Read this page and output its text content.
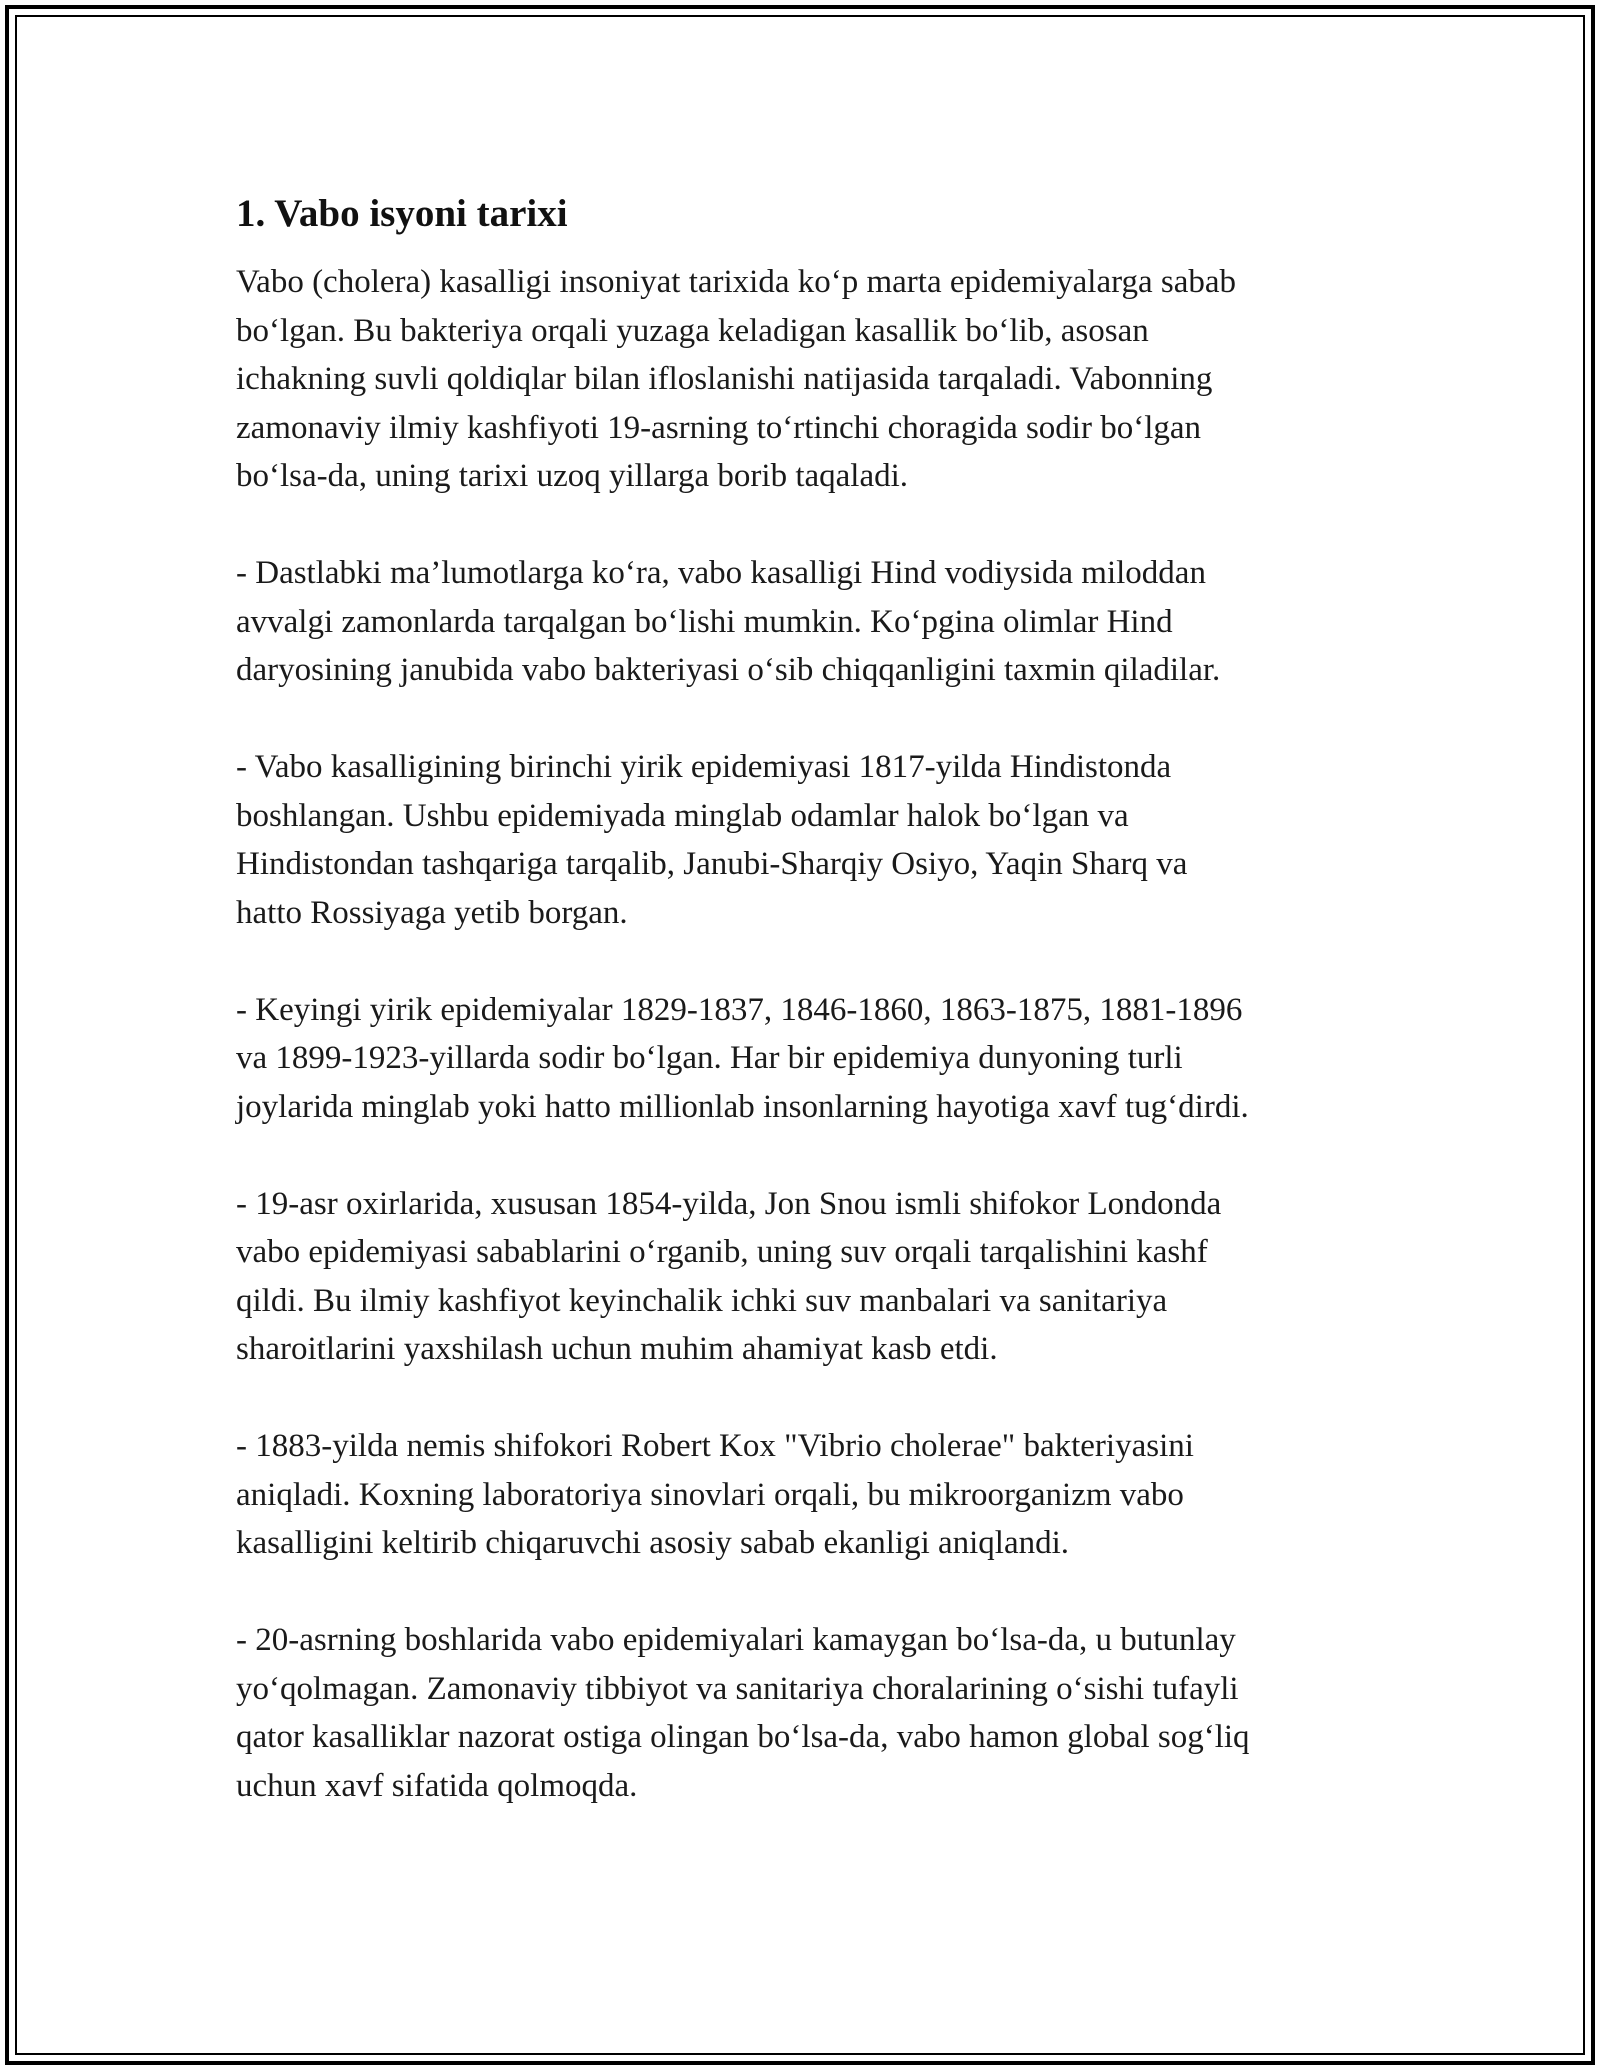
1. Vabo isyoni tarixi

Vabo (cholera) kasalligi insoniyat tarixida ko‘p marta epidemiyalarga sabab
bo‘lgan. Bu bakteriya orqali yuzaga keladigan kasallik bo‘lib, asosan
ichakning suvli qoldiqlar bilan ifloslanishi natijasida tarqaladi. Vabonning
zamonaviy ilmiy kashfiyoti 19-asrning to‘rtinchi choragida sodir bo‘lgan
bo‘lsa-da, uning tarixi uzoq yillarga borib taqaladi.

- Dastlabki ma’lumotlarga ko‘ra, vabo kasalligi Hind vodiysida miloddan
avvalgi zamonlarda tarqalgan bo‘lishi mumkin. Ko‘pgina olimlar Hind
daryosining janubida vabo bakteriyasi o‘sib chiqqanligini taxmin qiladilar.

- Vabo kasalligining birinchi yirik epidemiyasi 1817-yilda Hindistonda
boshlangan. Ushbu epidemiyada minglab odamlar halok bo‘lgan va
Hindistondan tashqariga tarqalib, Janubi-Sharqiy Osiyo, Yaqin Sharq va
hatto Rossiyaga yetib borgan.

- Keyingi yirik epidemiyalar 1829-1837, 1846-1860, 1863-1875, 1881-1896
va 1899-1923-yillarda sodir bo‘lgan. Har bir epidemiya dunyoning turli
joylarida minglab yoki hatto millionlab insonlarning hayotiga xavf tug‘dirdi.

- 19-asr oxirlarida, xususan 1854-yilda, Jon Snou ismli shifokor Londonda
vabo epidemiyasi sabablarini o‘rganib, uning suv orqali tarqalishini kashf
qildi. Bu ilmiy kashfiyot keyinchalik ichki suv manbalari va sanitariya
sharoitlarini yaxshilash uchun muhim ahamiyat kasb etdi.

- 1883-yilda nemis shifokori Robert Kox "Vibrio cholerae" bakteriyasini
aniqladi. Koxning laboratoriya sinovlari orqali, bu mikroorganizm vabo
kasalligini keltirib chiqaruvchi asosiy sabab ekanligi aniqlandi.

- 20-asrning boshlarida vabo epidemiyalari kamaygan bo‘lsa-da, u butunlay
yo‘qolmagan. Zamonaviy tibbiyot va sanitariya choralarining o‘sishi tufayli
qator kasalliklar nazorat ostiga olingan bo‘lsa-da, vabo hamon global sog‘liq
uchun xavf sifatida qolmoqda.
